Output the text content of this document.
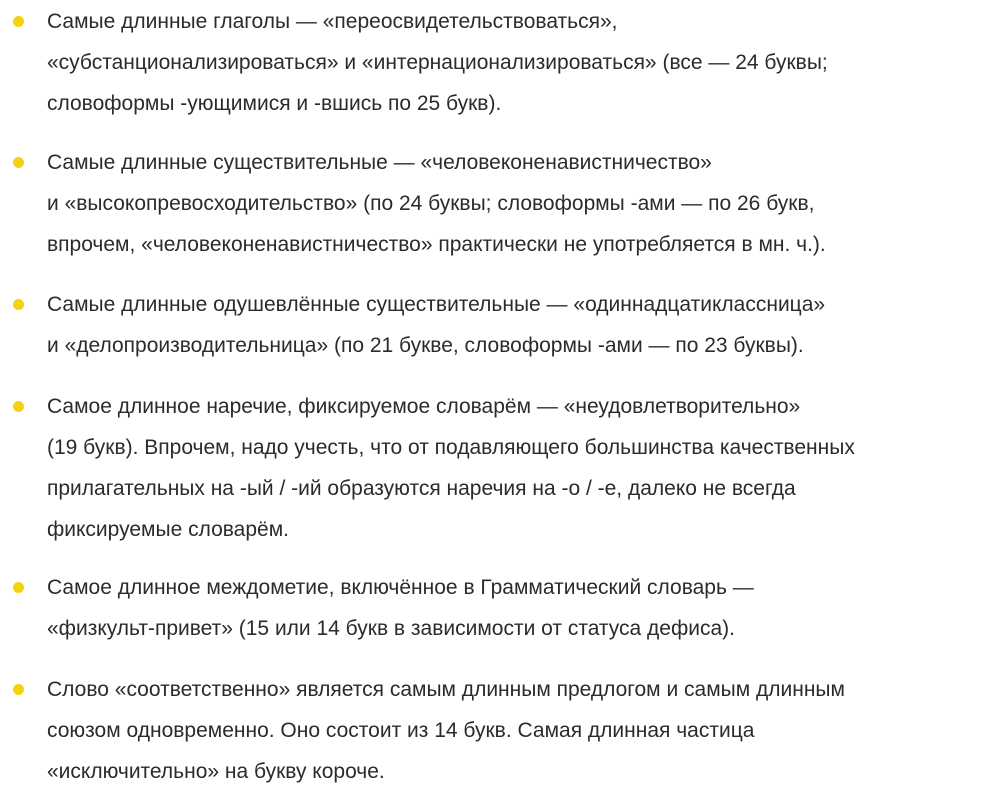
Самые длинные глаголы — «переосвидетельствоваться»,
«субстанционализироваться» и «интернационализироваться» (все — 24 буквы;
словоформы -ующимися и -вшись по 25 букв).

Самые длинные существительные — «человеконенавистничество»
и «высокопревосходительство» (по 24 буквы; словоформы -ами — по 26 букв,
впрочем, «человеконенавистничество» практически не употребляется в мн. ч.).

Самые длинные одушевлённые существительные — «одиннадцатиклассница»
и «делопроизводительница» (по 21 букве, словоформы -ами — по 23 буквы).

Самое длинное наречие, фиксируемое словарём — «неудовлетворительно»
(19 букв). Впрочем, надо учесть, что от подавляющего большинства качественных
прилагательных на -ый / -ий образуются наречия на -о / -е, далеко не всегда
фиксируемые словарём.

Самое длинное междометие, включённое в Грамматический словарь —
«физкульт-привет» (15 или 14 букв в зависимости от статуса дефиса).

Слово «соответственно» является самым длинным предлогом и самым длинным
союзом одновременно. Оно состоит из 14 букв. Самая длинная частица
«исключительно» на букву короче.
